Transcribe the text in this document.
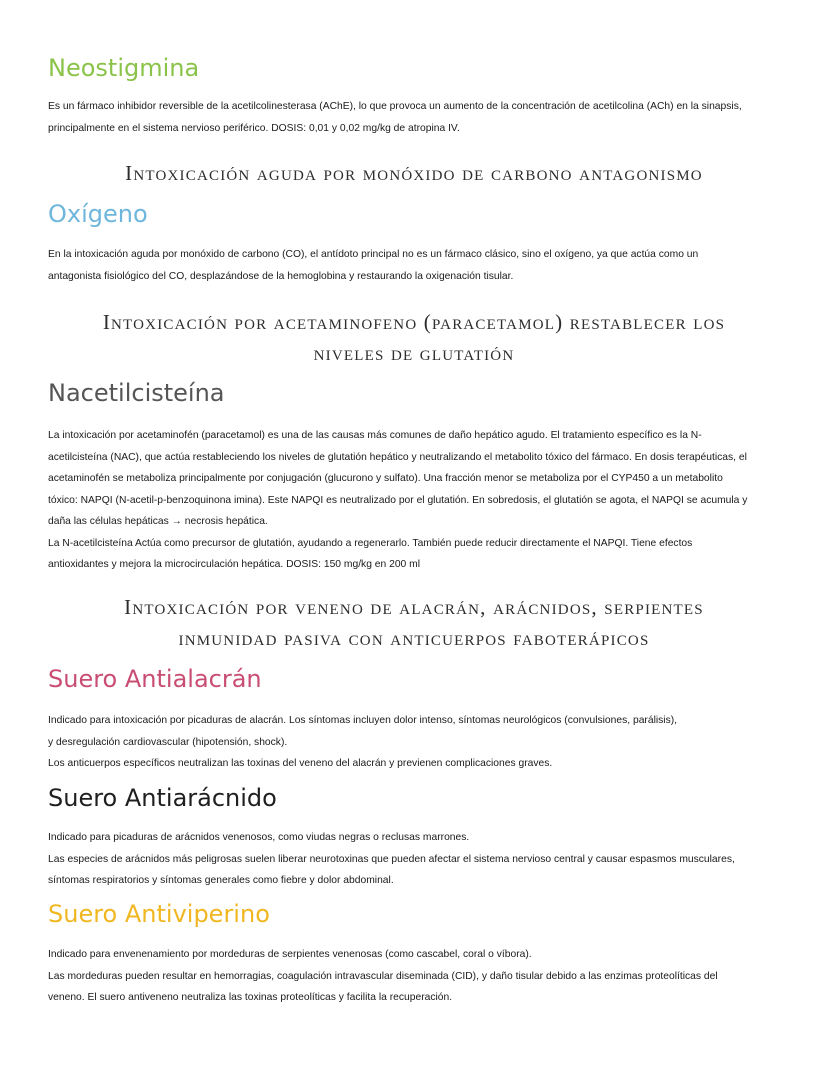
Neostigmina
Es un fármaco inhibidor reversible de la acetilcolinesterasa (AChE), lo que provoca un aumento de la concentración de acetilcolina (ACh) en la sinapsis,
principalmente en el sistema nervioso periférico. DOSIS: 0,01 y 0,02 mg/kg de atropina IV.
Intoxicación aguda por monóxido de carbono antagonismo
Oxígeno
En la intoxicación aguda por monóxido de carbono (CO), el antídoto principal no es un fármaco clásico, sino el oxígeno, ya que actúa como un
antagonista fisiológico del CO, desplazándose de la hemoglobina y restaurando la oxigenación tisular.
Intoxicación por acetaminofeno (paracetamol) restablecer los
niveles de glutatión
Nacetilcisteína
La intoxicación por acetaminofén (paracetamol) es una de las causas más comunes de daño hepático agudo. El tratamiento específico es la N-
acetilcisteína (NAC), que actúa restableciendo los niveles de glutatión hepático y neutralizando el metabolito tóxico del fármaco. En dosis terapéuticas, el
acetaminofén se metaboliza principalmente por conjugación (glucurono y sulfato). Una fracción menor se metaboliza por el CYP450 a un metabolito
tóxico: NAPQI (N-acetil-p-benzoquinona imina). Este NAPQI es neutralizado por el glutatión. En sobredosis, el glutatión se agota, el NAPQI se acumula y
daña las células hepáticas → necrosis hepática.
La N-acetilcisteína Actúa como precursor de glutatión, ayudando a regenerarlo. También puede reducir directamente el NAPQI. Tiene efectos
antioxidantes y mejora la microcirculación hepática. DOSIS: 150 mg/kg en 200 ml
Intoxicación por veneno de alacrán, arácnidos, serpientes
inmunidad pasiva con anticuerpos faboterápicos
Suero Antialacrán
Indicado para intoxicación por picaduras de alacrán. Los síntomas incluyen dolor intenso, síntomas neurológicos (convulsiones, parálisis),
y desregulación cardiovascular (hipotensión, shock).
Los anticuerpos específicos neutralizan las toxinas del veneno del alacrán y previenen complicaciones graves.
Suero Antiarácnido
Indicado para picaduras de arácnidos venenosos, como viudas negras o reclusas marrones.
Las especies de arácnidos más peligrosas suelen liberar neurotoxinas que pueden afectar el sistema nervioso central y causar espasmos musculares,
síntomas respiratorios y síntomas generales como fiebre y dolor abdominal.
Suero Antiviperino
Indicado para envenenamiento por mordeduras de serpientes venenosas (como cascabel, coral o víbora).
Las mordeduras pueden resultar en hemorragias, coagulación intravascular diseminada (CID), y daño tisular debido a las enzimas proteolíticas del
veneno. El suero antiveneno neutraliza las toxinas proteolíticas y facilita la recuperación.
